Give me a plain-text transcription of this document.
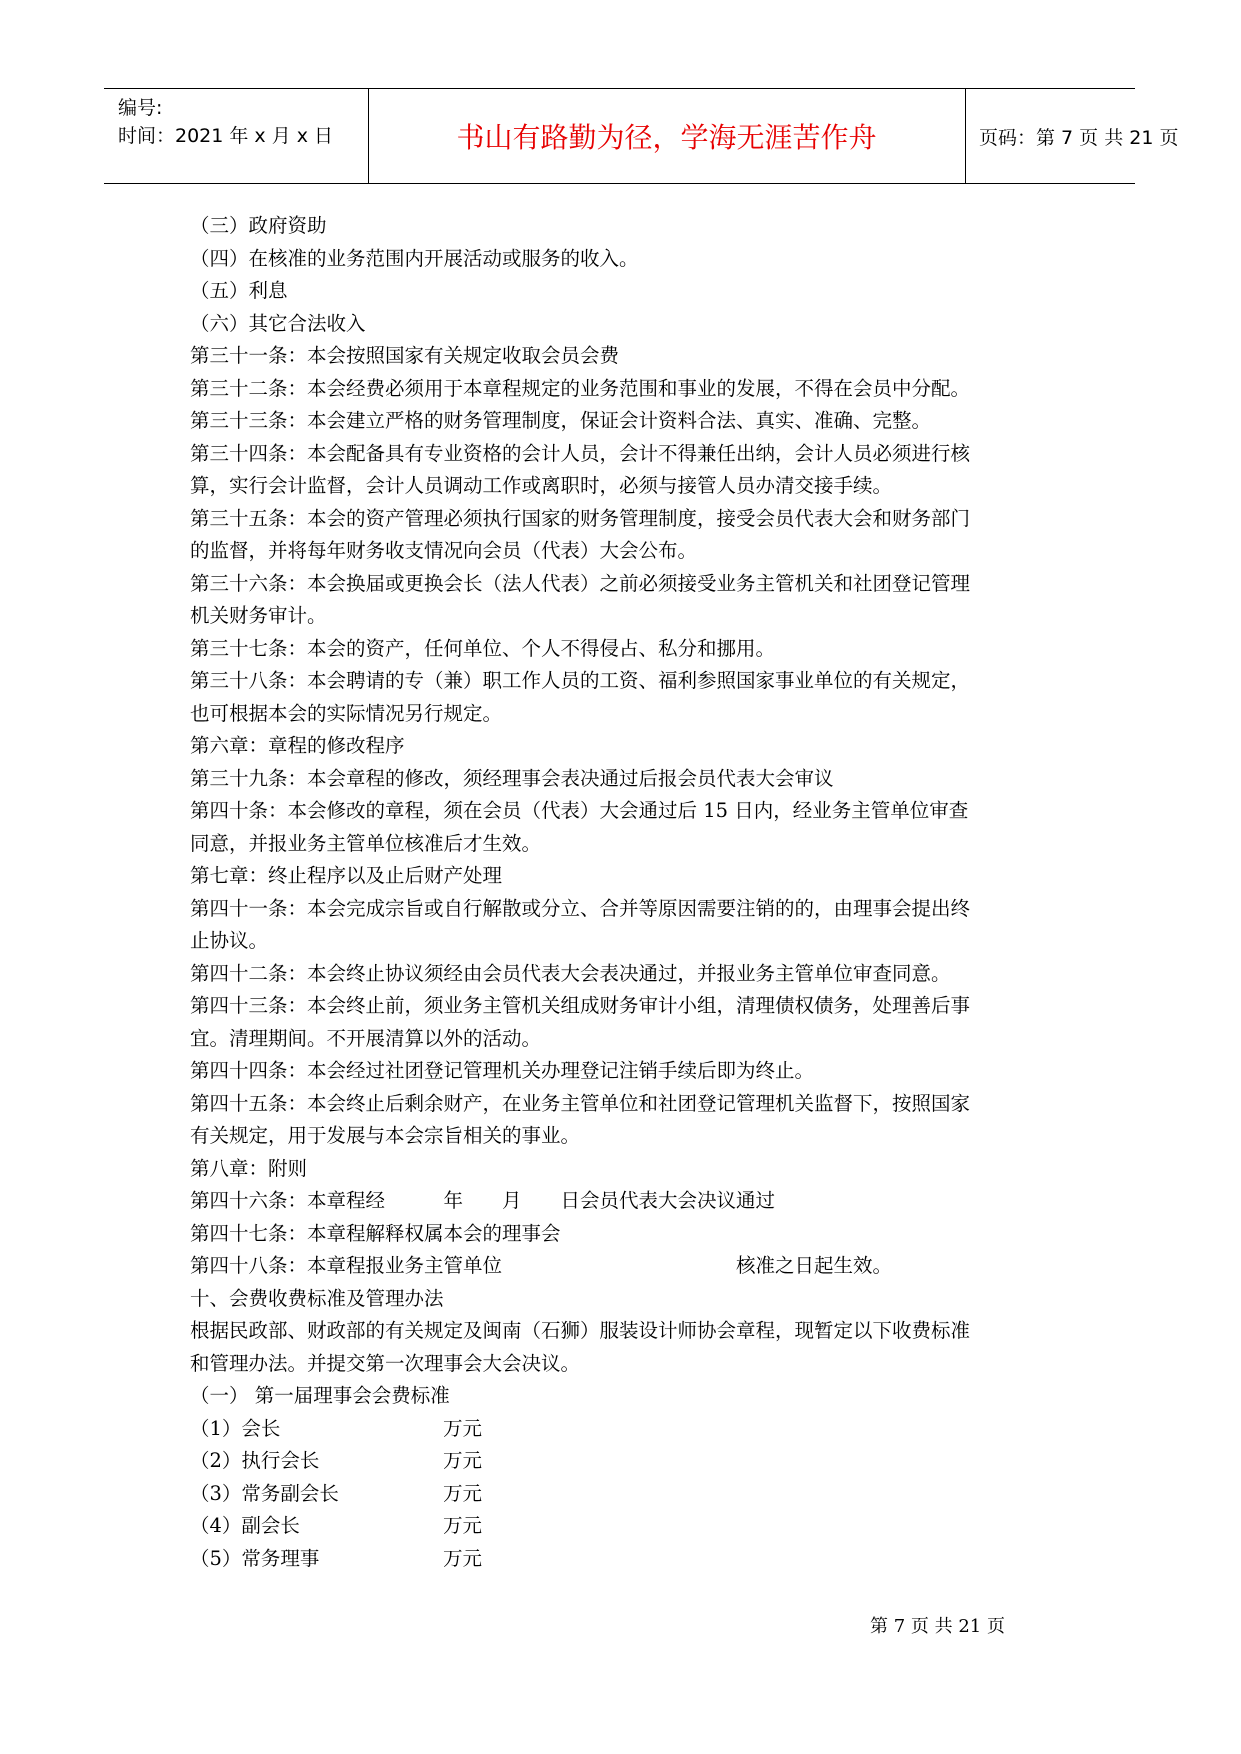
编号:
时间：2021 年 x 月 x 日	书山有路勤为径，学海无涯苦作舟	页码：第 7 页 共 21 页
（三）政府资助
（四）在核准的业务范围内开展活动或服务的收入。
（五）利息
（六）其它合法收入
第三十一条：本会按照国家有关规定收取会员会费
第三十二条：本会经费必须用于本章程规定的业务范围和事业的发展，不得在会员中分配。
第三十三条：本会建立严格的财务管理制度，保证会计资料合法、真实、准确、完整。
第三十四条：本会配备具有专业资格的会计人员，会计不得兼任出纳，会计人员必须进行核
算，实行会计监督，会计人员调动工作或离职时，必须与接管人员办清交接手续。
第三十五条：本会的资产管理必须执行国家的财务管理制度，接受会员代表大会和财务部门
的监督，并将每年财务收支情况向会员（代表）大会公布。
第三十六条：本会换届或更换会长（法人代表）之前必须接受业务主管机关和社团登记管理
机关财务审计。
第三十七条：本会的资产，任何单位、个人不得侵占、私分和挪用。
第三十八条：本会聘请的专（兼）职工作人员的工资、福利参照国家事业单位的有关规定，
也可根据本会的实际情况另行规定。
第六章：章程的修改程序
第三十九条：本会章程的修改，须经理事会表决通过后报会员代表大会审议
第四十条：本会修改的章程，须在会员（代表）大会通过后 15 日内，经业务主管单位审查
同意，并报业务主管单位核准后才生效。
第七章：终止程序以及止后财产处理
第四十一条：本会完成宗旨或自行解散或分立、合并等原因需要注销的的，由理事会提出终
止协议。
第四十二条：本会终止协议须经由会员代表大会表决通过，并报业务主管单位审查同意。
第四十三条：本会终止前，须业务主管机关组成财务审计小组，清理债权债务，处理善后事
宜。清理期间。不开展清算以外的活动。
第四十四条：本会经过社团登记管理机关办理登记注销手续后即为终止。
第四十五条：本会终止后剩余财产，在业务主管单位和社团登记管理机关监督下，按照国家
有关规定，用于发展与本会宗旨相关的事业。
第八章：附则
第四十六条：本章程经　　　年　　月　　日会员代表大会决议通过
第四十七条：本章程解释权属本会的理事会
第四十八条：本章程报业务主管单位　　　　　　　　　　　　核准之日起生效。
十、会费收费标准及管理办法
根据民政部、财政部的有关规定及闽南（石狮）服装设计师协会章程，现暂定以下收费标准
和管理办法。并提交第一次理事会大会决议。
（一） 第一届理事会会费标准
（1）会长	万元
（2）执行会长	万元
（3）常务副会长	万元
（4）副会长	万元
（5）常务理事	万元
第 7 页 共 21 页
